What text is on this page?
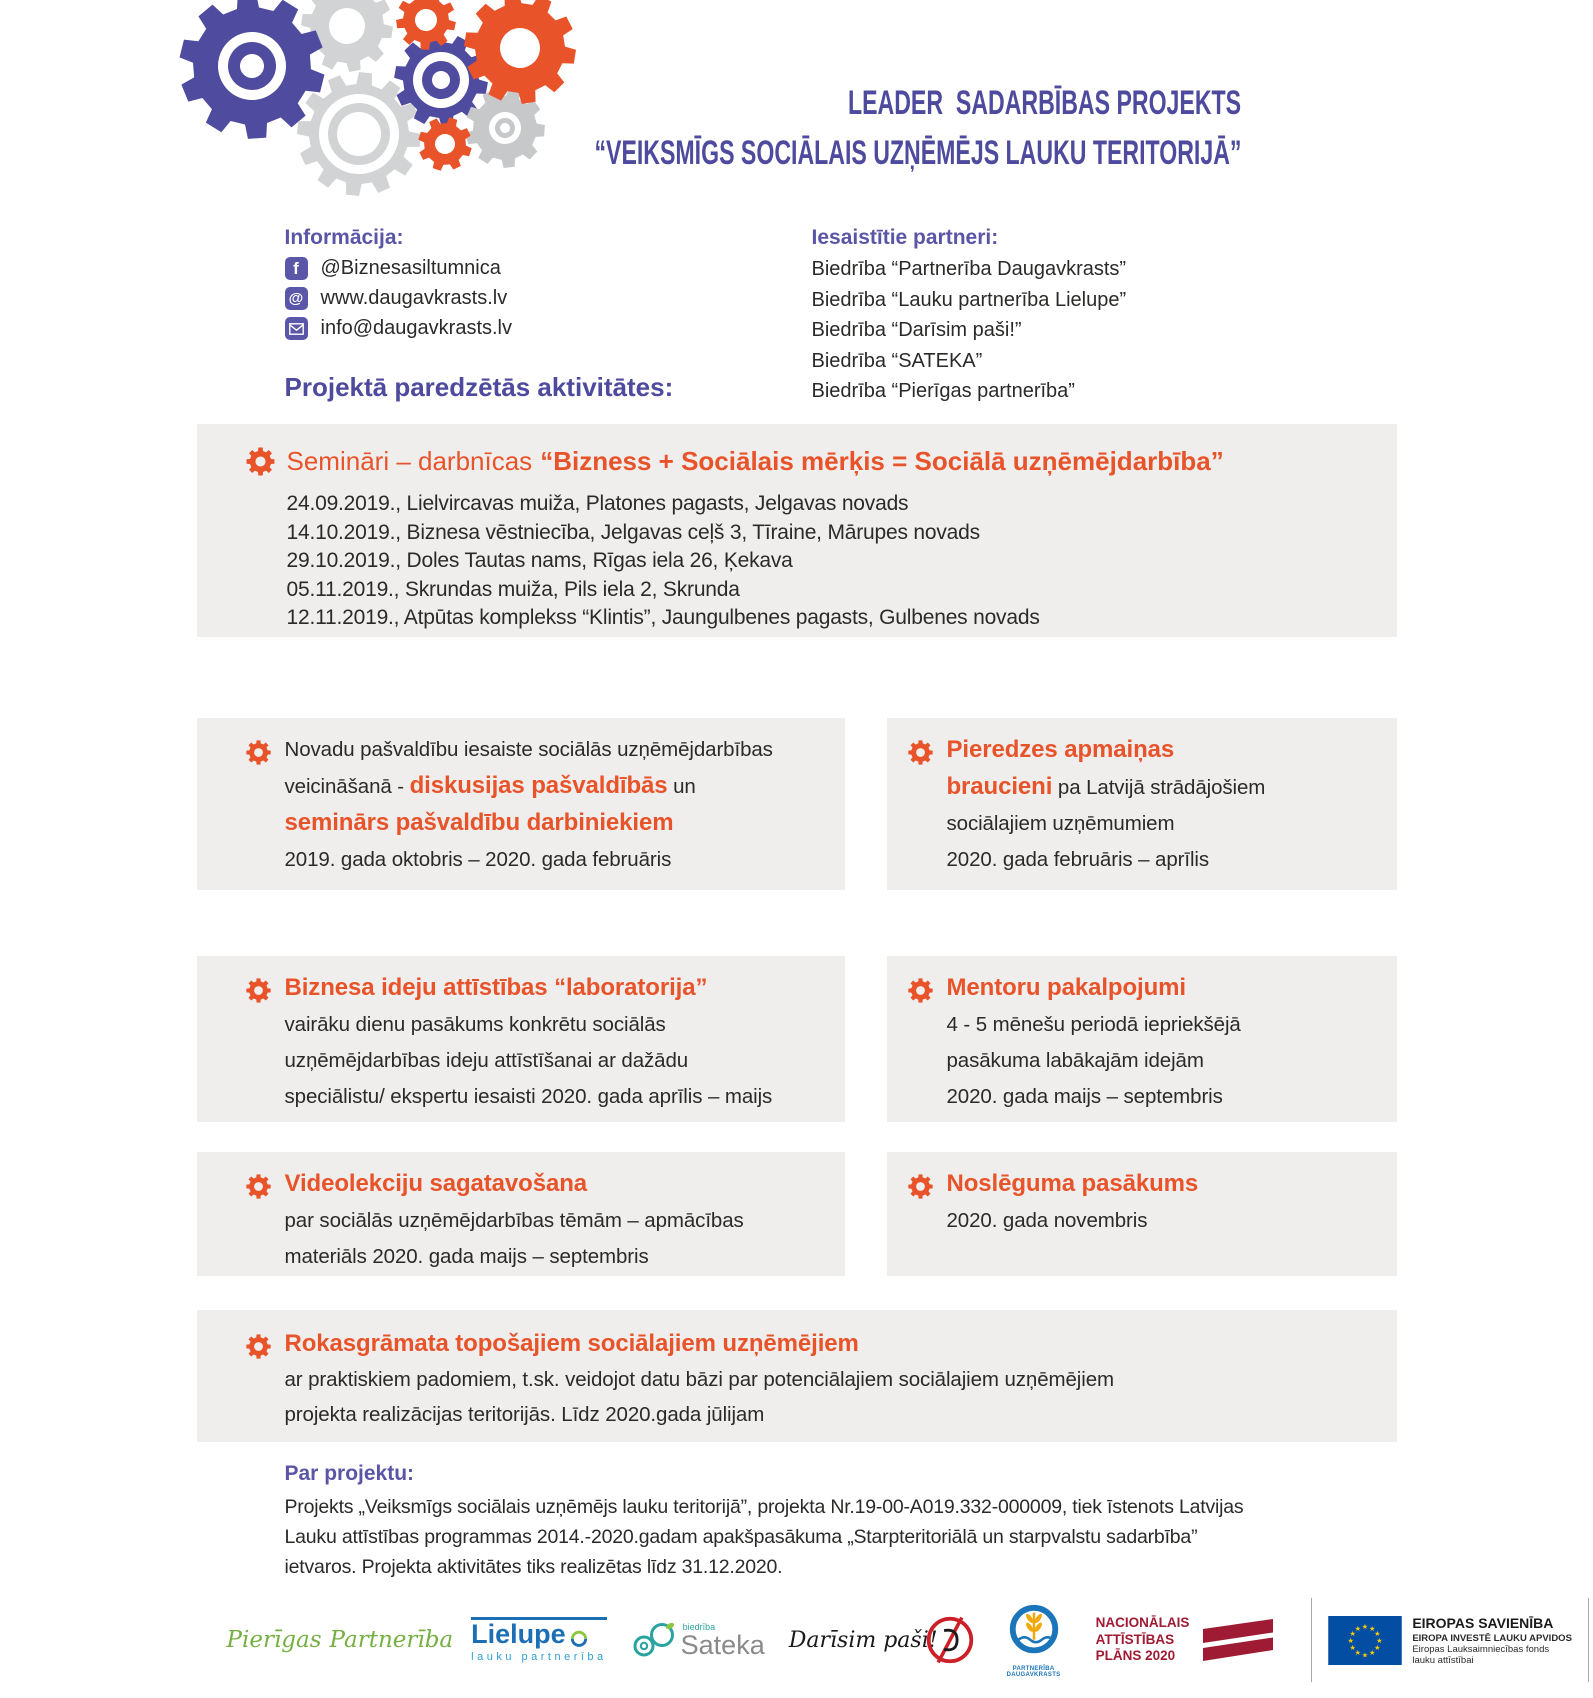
LEADER  SADARBĪBAS PROJEKTS
“VEIKSMĪGS SOCIĀLAIS UZŅĒMĒJS LAUKU TERITORIJĀ”
Informācija:
f @Biznesasiltumnica
@ www.daugavkrasts.lv
info@daugavkrasts.lv
Iesaistītie partneri:
Biedrība “Partnerība Daugavkrasts”
Biedrība “Lauku partnerība Lielupe”
Biedrība “Darīsim paši!”
Biedrība “SATEKA”
Biedrība “Pierīgas partnerība”
Projektā paredzētās aktivitātes:
Semināri – darbnīcas “Bizness + Sociālais mērķis = Sociālā uzņēmējdarbība”
24.09.2019., Lielvircavas muiža, Platones pagasts, Jelgavas novads
14.10.2019., Biznesa vēstniecība, Jelgavas ceļš 3, Tīraine, Mārupes novads
29.10.2019., Doles Tautas nams, Rīgas iela 26, Ķekava
05.11.2019., Skrundas muiža, Pils iela 2, Skrunda
12.11.2019., Atpūtas komplekss “Klintis”, Jaungulbenes pagasts, Gulbenes novads
Novadu pašvaldību iesaiste sociālās uzņēmējdarbības
veicināšanā - diskusijas pašvaldībās un
seminārs pašvaldību darbiniekiem
2019. gada oktobris – 2020. gada februāris
Pieredzes apmaiņas
braucieni pa Latvijā strādājošiem
sociālajiem uzņēmumiem
2020. gada februāris – aprīlis
Biznesa ideju attīstības “laboratorija”
vairāku dienu pasākums konkrētu sociālās
uzņēmējdarbības ideju attīstīšanai ar dažādu
speciālistu/ ekspertu iesaisti 2020. gada aprīlis – maijs
Mentoru pakalpojumi
4 - 5 mēnešu periodā iepriekšējā
pasākuma labākajām idejām
2020. gada maijs – septembris
Videolekciju sagatavošana
par sociālās uzņēmējdarbības tēmām – apmācības
materiāls 2020. gada maijs – septembris
Noslēguma pasākums
2020. gada novembris
Rokasgrāmata topošajiem sociālajiem uzņēmējiem
ar praktiskiem padomiem, t.sk. veidojot datu bāzi par potenciālajiem sociālajiem uzņēmējiem
projekta realizācijas teritorijās. Līdz 2020.gada jūlijam
Par projektu:
Projekts „Veiksmīgs sociālais uzņēmējs lauku teritorijā”, projekta Nr.19-00-A019.332-000009, tiek īstenots Latvijas
Lauku attīstības programmas 2014.-2020.gadam apakšpasākuma „Starpteritoriālā un starpvalstu sadarbība”
ietvaros. Projekta aktivitātes tiks realizētas līdz 31.12.2020.
Pierīgas Partnerība Lielupe
lauku partnerība
biedrība
Sateka Darīsim paši!
PARTNERĪBA DAUGAVKRASTS
NACIONĀLAIS
ATTĪSTĪBAS
PLĀNS 2020
★ ★
★
★
★
★
★
★
★
★
★
★	EIROPAS SAVIENĪBA
EIROPA INVESTĒ LAUKU APVIDOS
Eiropas Lauksaimniecības fonds
lauku attīstībai
